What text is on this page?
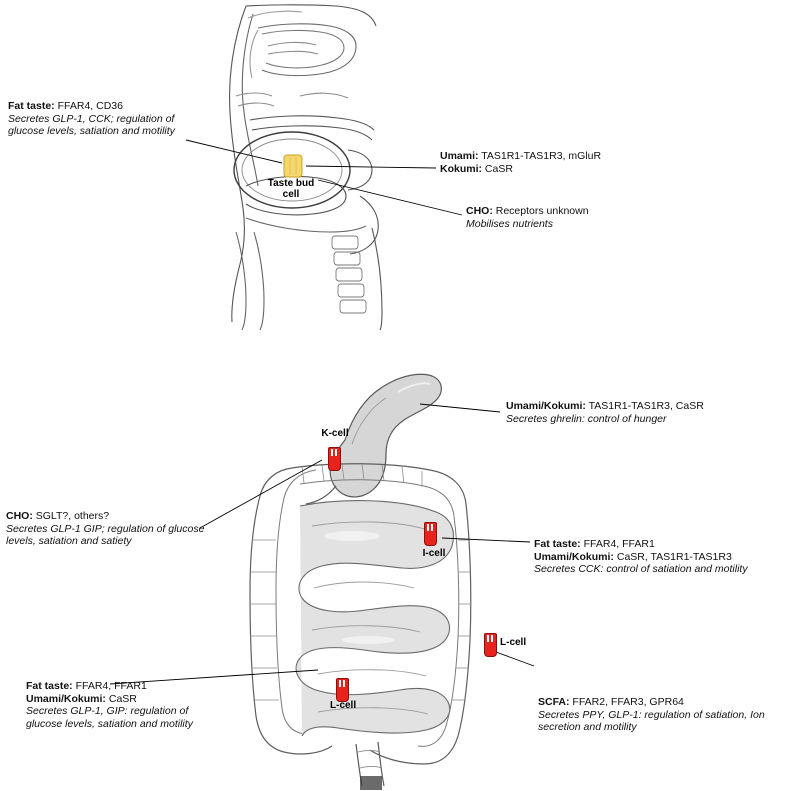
Fat taste: FFAR4, CD36
Secretes GLP-1, CCK; regulation of glucose levels, satiation and motility
Umami: TAS1R1-TAS1R3, mGluR
Kokumi: CaSR
CHO: Receptors unknown
Mobilises nutrients
Taste bud
cell
K-cell
I-cell
L-cell
L-cell
Umami/Kokumi: TAS1R1-TAS1R3, CaSR
Secretes ghrelin: control of hunger
CHO: SGLT?, others?
Secretes GLP-1 GIP; regulation of glucose levels, satiation and satiety	Fat taste: FFAR4, FFAR1
Umami/Kokumi: CaSR, TAS1R1-TAS1R3
Secretes CCK: control of satiation and motility
Fat taste: FFAR4, FFAR1
Umami/Kokumi: CaSR
Secretes GLP-1, GIP: regulation of glucose levels, satiation and motility
SCFA: FFAR2, FFAR3, GPR64
Secretes PPY, GLP-1: regulation of satiation, Ion secretion and motility
